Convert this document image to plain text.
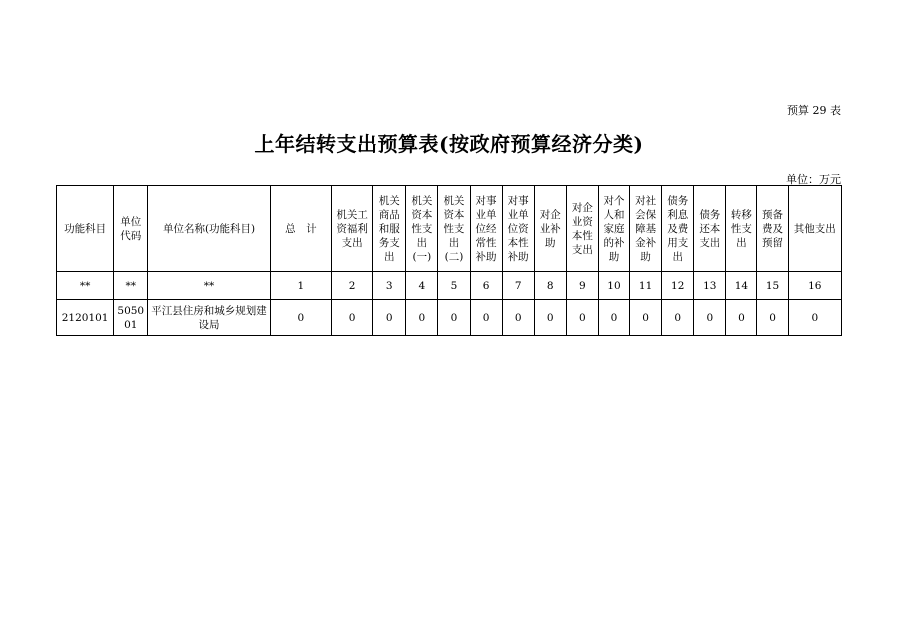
预算 29 表
上年结转支出预算表(按政府预算经济分类)
单位：万元
功能科目	单位代码	单位名称(功能科目)	总　计	机关工资福利支出	机关商品和服务支出	机关资本性支出(一)	机关资本性支出(二)	对事业单位经常性补助	对事业单位资本性补助	对企业补助	对企业资本性支出	对个人和家庭的补助	对社会保障基金补助	债务利息及费用支出	债务还本支出	转移性支出	预备费及预留	其他支出
**	**	**	1	2	3	4	5	6	7	8	9	10	11	12	13	14	15	16
2120101	505001	平江县住房和城乡规划建设局	0	0	0	0	0	0	0	0	0	0	0	0	0	0	0	0
